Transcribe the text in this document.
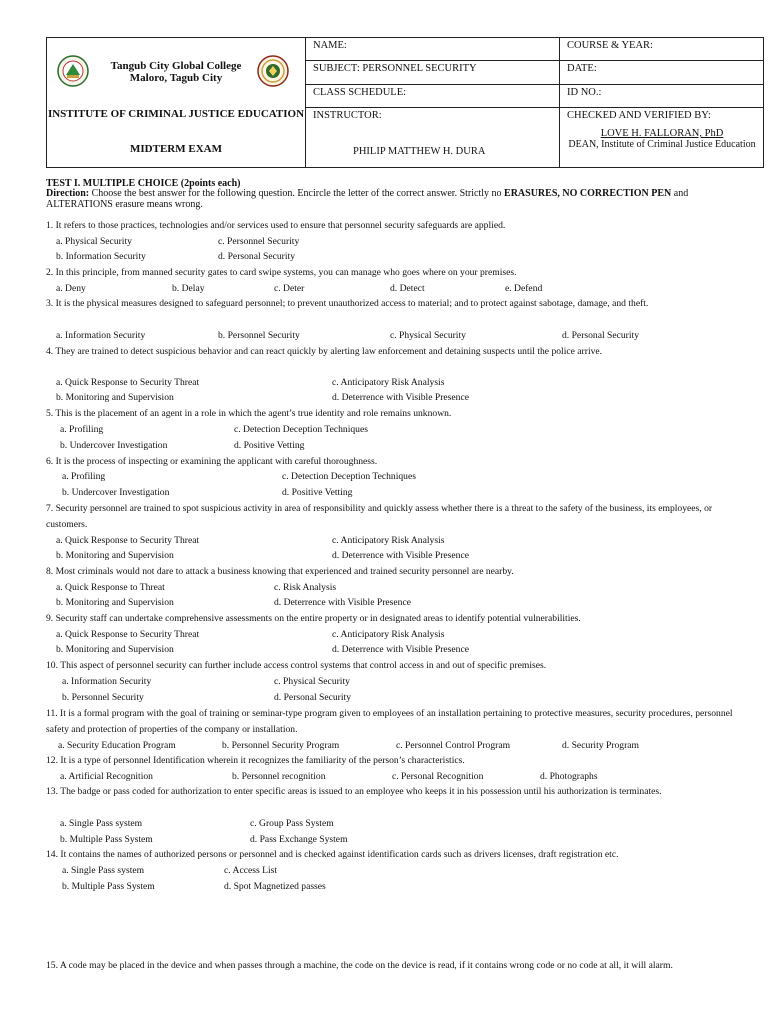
Tangub City Global College
Maloro, Tagub City
INSTITUTE OF CRIMINAL JUSTICE EDUCATION
MIDTERM EXAM
NAME:
SUBJECT: PERSONNEL SECURITY
CLASS SCHEDULE:
INSTRUCTOR:
PHILIP MATTHEW H. DURA
COURSE & YEAR:
DATE:
ID NO.:
CHECKED AND VERIFIED BY:
LOVE H. FALLORAN, PhD
DEAN, Institute of Criminal Justice Education
TEST I. MULTIPLE CHOICE (2points each)
Direction: Choose the best answer for the following question. Encircle the letter of the correct answer. Strictly no ERASURES, NO CORRECTION PEN and ALTERATIONS erasure means wrong.
1. It refers to those practices, technologies and/or services used to ensure that personnel security safeguards are applied.
a. Physical Security	c. Personnel Security
b. Information Security	d. Personal Security
2. In this principle, from manned security gates to card swipe systems, you can manage who goes where on your premises.
a. Deny	b. Delay	c. Deter	d. Detect	e. Defend
3. It is the physical measures designed to safeguard personnel; to prevent unauthorized access to material; and to protect against sabotage, damage, and theft.
a. Information Security	b. Personnel Security	c. Physical Security	d. Personal Security
4. They are trained to detect suspicious behavior and can react quickly by alerting law enforcement and detaining suspects until the police arrive.
a. Quick Response to Security Threat	c. Anticipatory Risk Analysis
b. Monitoring and Supervision	d. Deterrence with Visible Presence
5. This is the placement of an agent in a role in which the agent’s true identity and role remains unknown.
a. Profiling	c. Detection Deception Techniques
b. Undercover Investigation	d. Positive Vetting
6. It is the process of inspecting or examining the applicant with careful thoroughness.
a. Profiling	c. Detection Deception Techniques
b. Undercover Investigation	d. Positive Vetting
7. Security personnel are trained to spot suspicious activity in area of responsibility and quickly assess whether there is a threat to the safety of the business, its employees, or customers.
a. Quick Response to Security Threat	c. Anticipatory Risk Analysis
b. Monitoring and Supervision	d. Deterrence with Visible Presence
8. Most criminals would not dare to attack a business knowing that experienced and trained security personnel are nearby.
a. Quick Response to Threat	c. Risk Analysis
b. Monitoring and Supervision	d. Deterrence with Visible Presence
9. Security staff can undertake comprehensive assessments on the entire property or in designated areas to identify potential vulnerabilities.
a. Quick Response to Security Threat	c. Anticipatory Risk Analysis
b. Monitoring and Supervision	d. Deterrence with Visible Presence
10. This aspect of personnel security can further include access control systems that control access in and out of specific premises.
a. Information Security	c. Physical Security
b. Personnel Security	d. Personal Security
11. It is a formal program with the goal of training or seminar-type program given to employees of an installation pertaining to protective measures, security procedures, personnel safety and protection of properties of the company or installation.
a. Security Education Program	b. Personnel Security Program	c. Personnel Control Program	d. Security Program
12. It is a type of personnel Identification wherein it recognizes the familiarity of the person’s characteristics.
a. Artificial Recognition	b. Personnel recognition	c. Personal Recognition	d. Photographs
13. The badge or pass coded for authorization to enter specific areas is issued to an employee who keeps it in his possession until his authorization is terminates.
a. Single Pass system	c. Group Pass System
b. Multiple Pass System	d. Pass Exchange System
14. It contains the names of authorized persons or personnel and is checked against identification cards such as drivers licenses, draft registration etc.
a. Single Pass system	c. Access List
b. Multiple Pass System	d. Spot Magnetized passes
15. A code may be placed in the device and when passes through a machine, the code on the device is read, if it contains wrong code or no code at all, it will alarm.
